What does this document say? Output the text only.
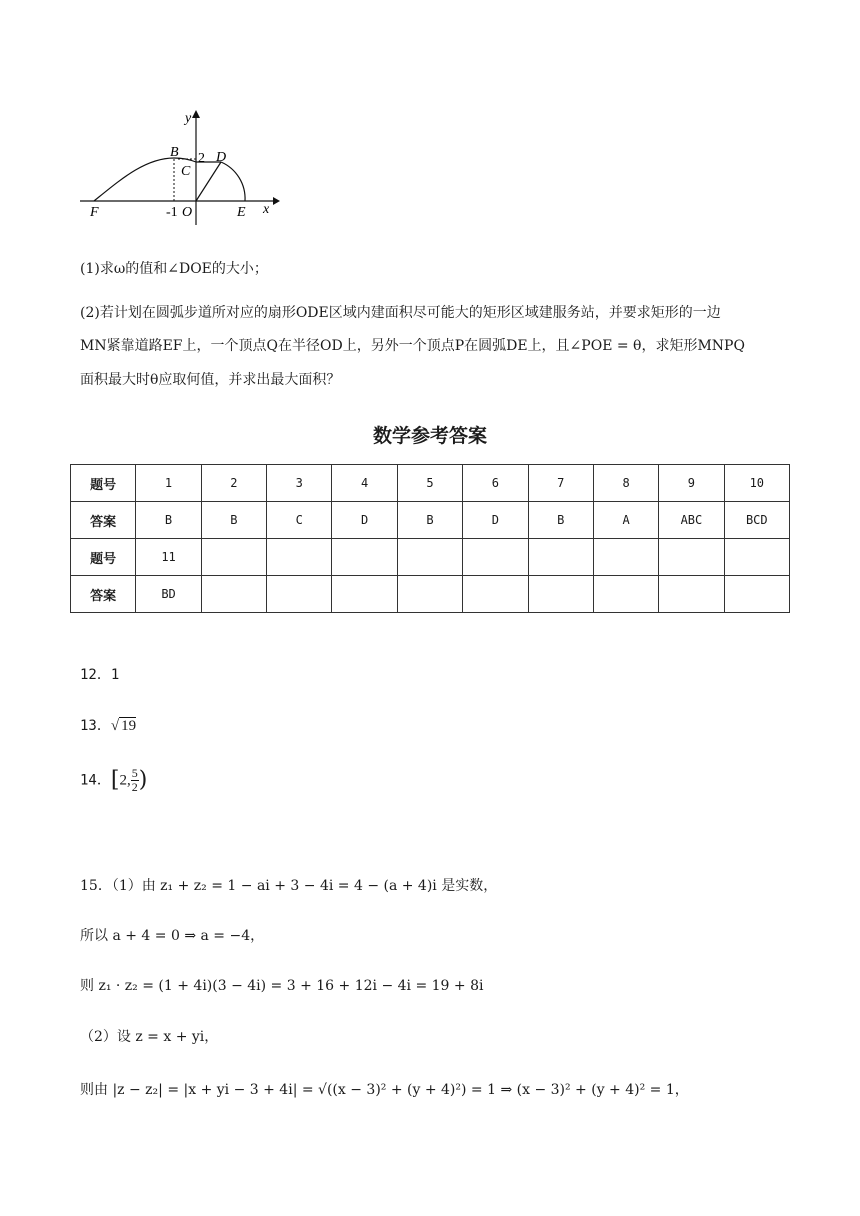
y
B 2 D
C
F	-1 O	E x
(1)求ω的值和∠DOE的大小；
(2)若计划在圆弧步道所对应的扇形ODE区域内建面积尽可能大的矩形区域建服务站，并要求矩形的一边
MN紧靠道路EF上，一个顶点Q在半径OD上，另外一个顶点P在圆弧DE上，且∠POE = θ，求矩形MNPQ
面积最大时θ应取何值，并求出最大面积？
数学参考答案
题号	1	2	3	4	5	6	7	8	9	10
答案	B	B	C	D	B	D	B	A	ABC	BCD
题号	11									
答案	BD									
12．1
13．√ 19
14．[2, $\frac{5}{2}$ )
15．（1）由 z₁ + z₂ = 1 − ai + 3 − 4i = 4 − (a + 4)i 是实数，
所以 a + 4 = 0 ⇒ a = −4，
则 z₁ · z₂ = (1 + 4i)(3 − 4i) = 3 + 16 + 12i − 4i = 19 + 8i
（2）设 z = x + yi，
则由 |z − z₂| = |x + yi − 3 + 4i| = √((x − 3)² + (y + 4)²) = 1 ⇒ (x − 3)² + (y + 4)² = 1，
